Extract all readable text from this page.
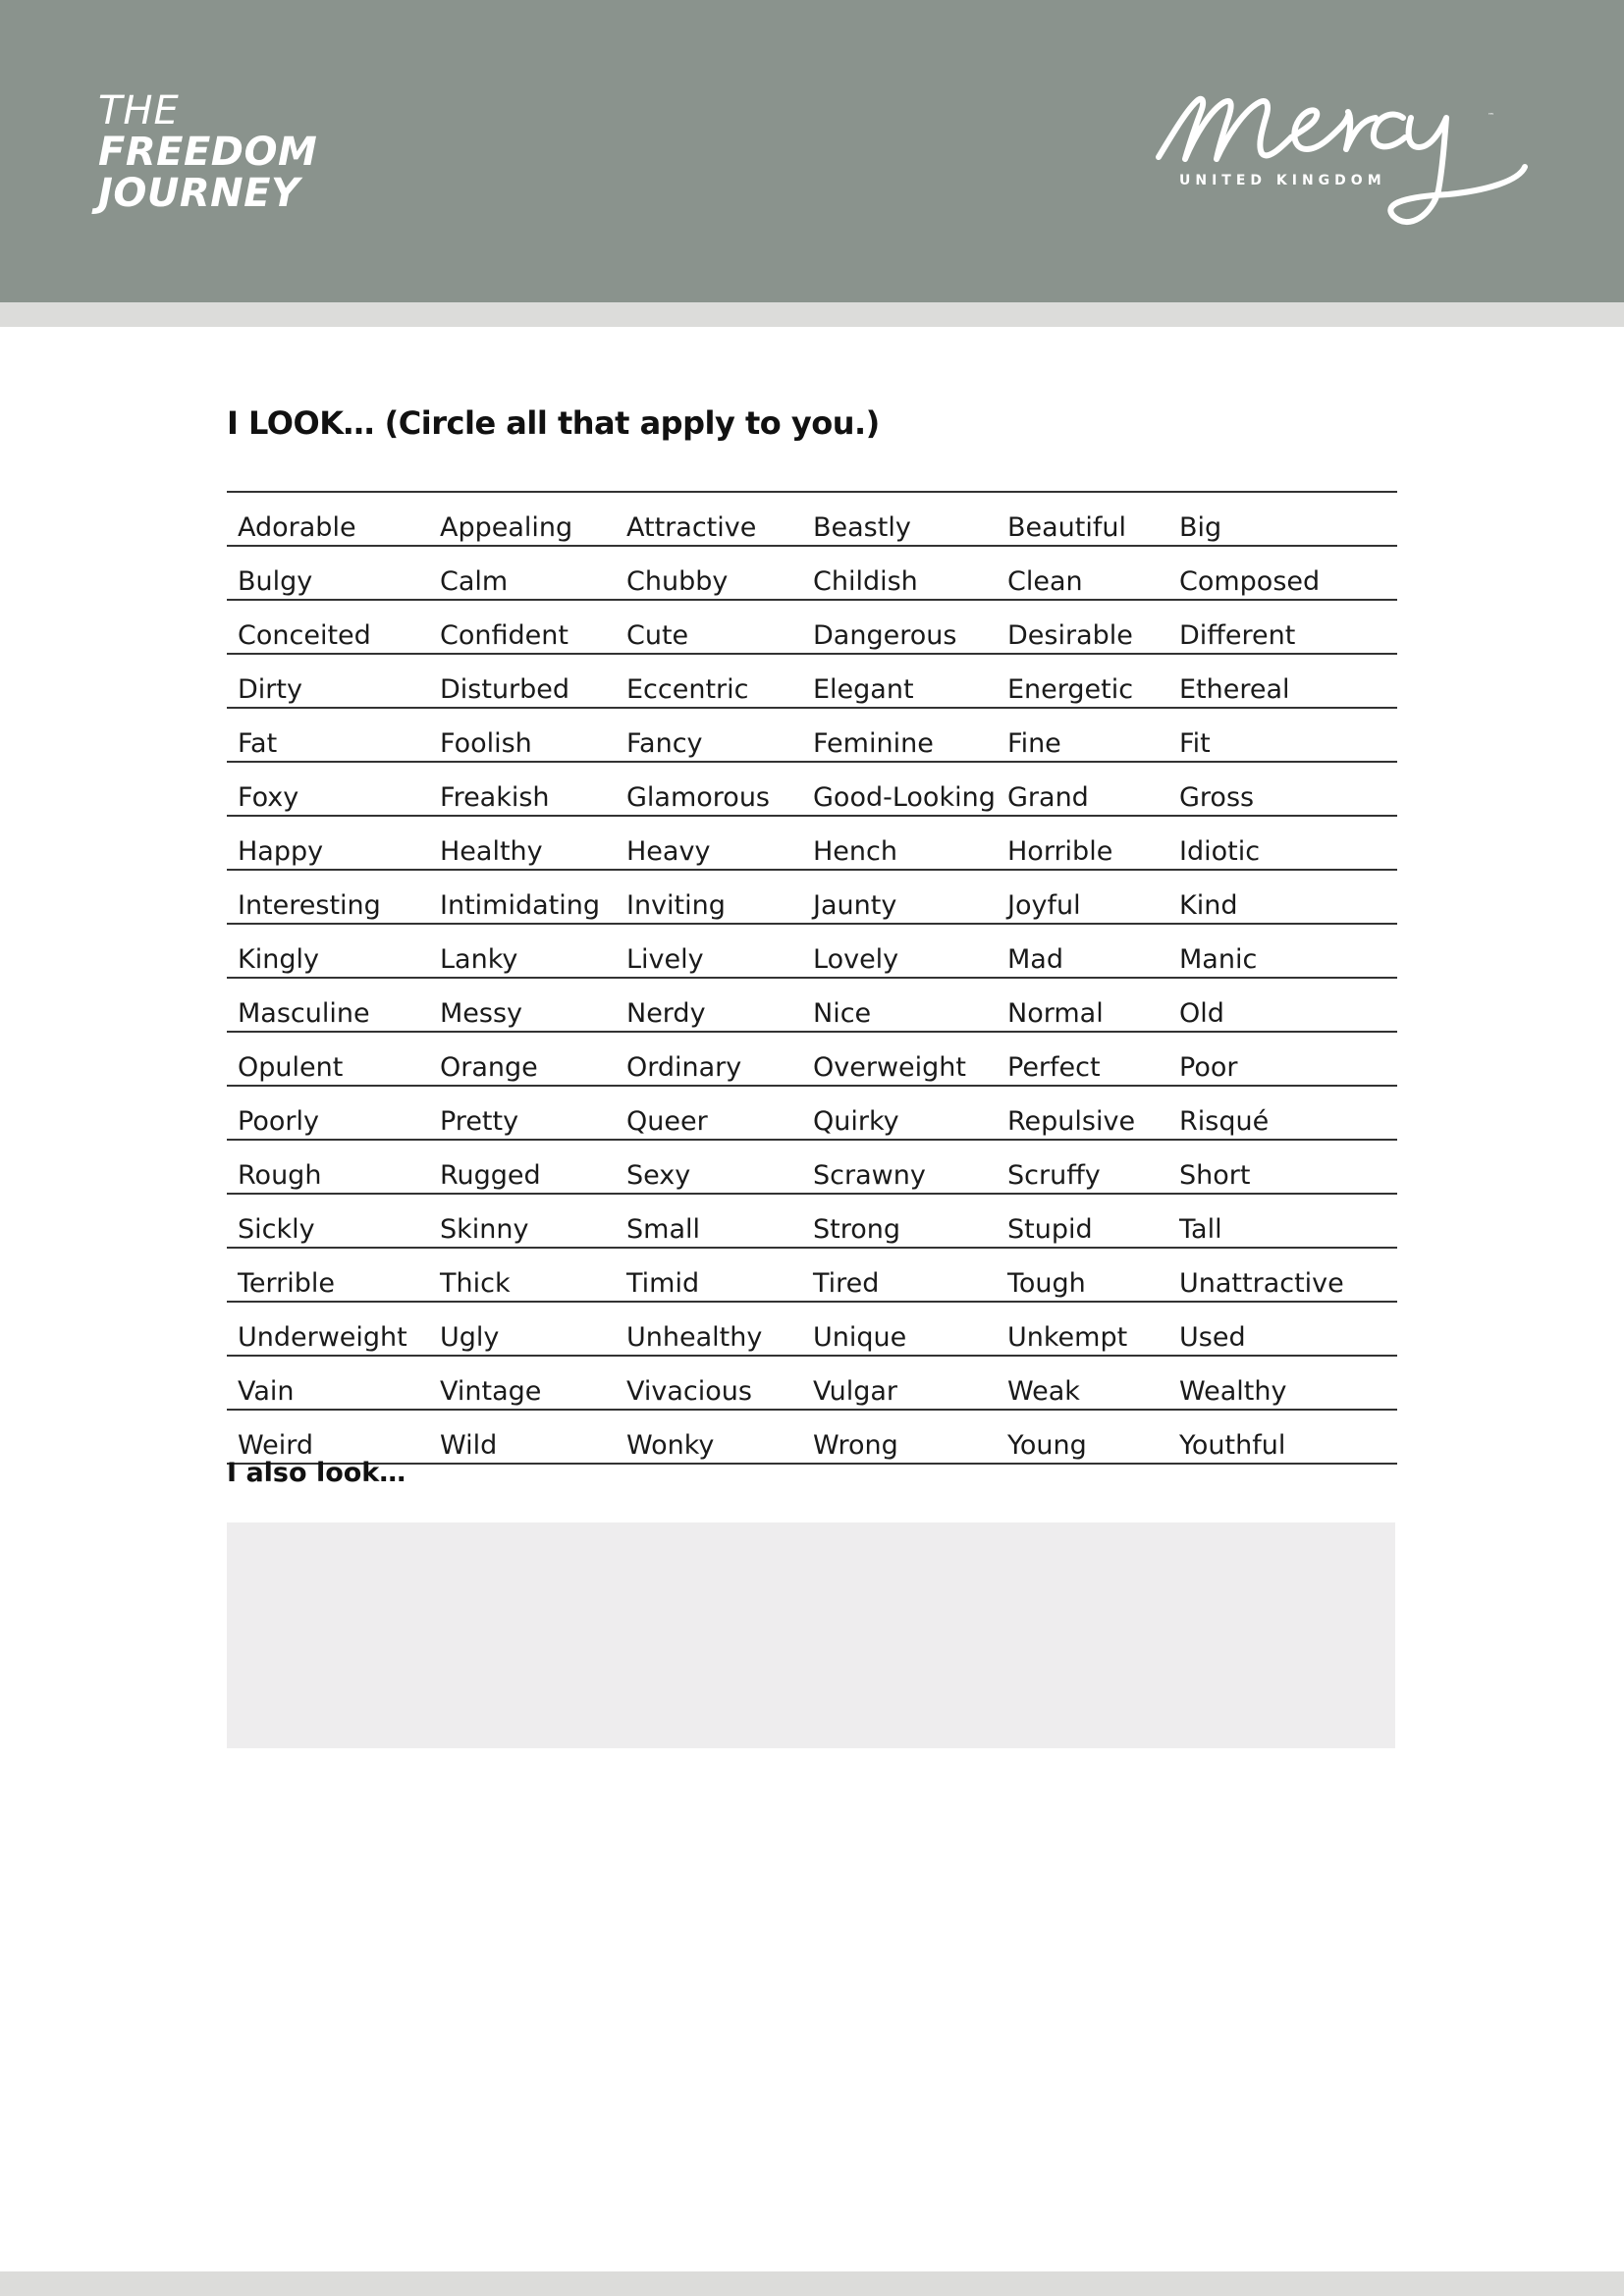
THE
FREEDOM
JOURNEY
™
UNITED KINGDOM
I LOOK… (Circle all that apply to you.)
Adorable	Appealing	Attractive	Beastly	Beautiful	Big
Bulgy	Calm	Chubby	Childish	Clean	Composed
Conceited	Confident	Cute	Dangerous	Desirable	Different
Dirty	Disturbed	Eccentric	Elegant	Energetic	Ethereal
Fat	Foolish	Fancy	Feminine	Fine	Fit
Foxy	Freakish	Glamorous	Good-Looking	Grand	Gross
Happy	Healthy	Heavy	Hench	Horrible	Idiotic
Interesting	Intimidating	Inviting	Jaunty	Joyful	Kind
Kingly	Lanky	Lively	Lovely	Mad	Manic
Masculine	Messy	Nerdy	Nice	Normal	Old
Opulent	Orange	Ordinary	Overweight	Perfect	Poor
Poorly	Pretty	Queer	Quirky	Repulsive	Risqué
Rough	Rugged	Sexy	Scrawny	Scruffy	Short
Sickly	Skinny	Small	Strong	Stupid	Tall
Terrible	Thick	Timid	Tired	Tough	Unattractive
Underweight	Ugly	Unhealthy	Unique	Unkempt	Used
Vain	Vintage	Vivacious	Vulgar	Weak	Wealthy
Weird	Wild	Wonky	Wrong	Young	Youthful
I also look…
